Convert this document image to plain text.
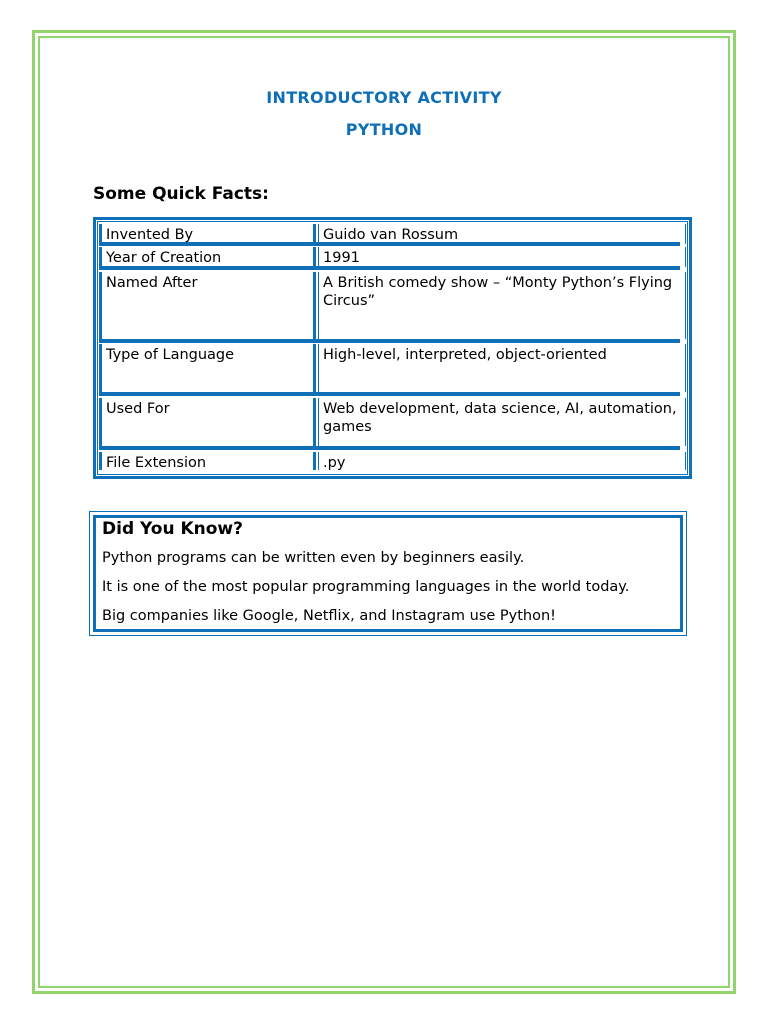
INTRODUCTORY ACTIVITY
PYTHON
Some Quick Facts:
Invented By	Guido van Rossum
Year of Creation	1991
Named After	A British comedy show – “Monty Python’s Flying Circus”
Type of Language	High-level, interpreted, object-oriented
Used For	Web development, data science, AI, automation, games
File Extension	.py
Did You Know?
Python programs can be written even by beginners easily.
It is one of the most popular programming languages in the world today.
Big companies like Google, Netflix, and Instagram use Python!
